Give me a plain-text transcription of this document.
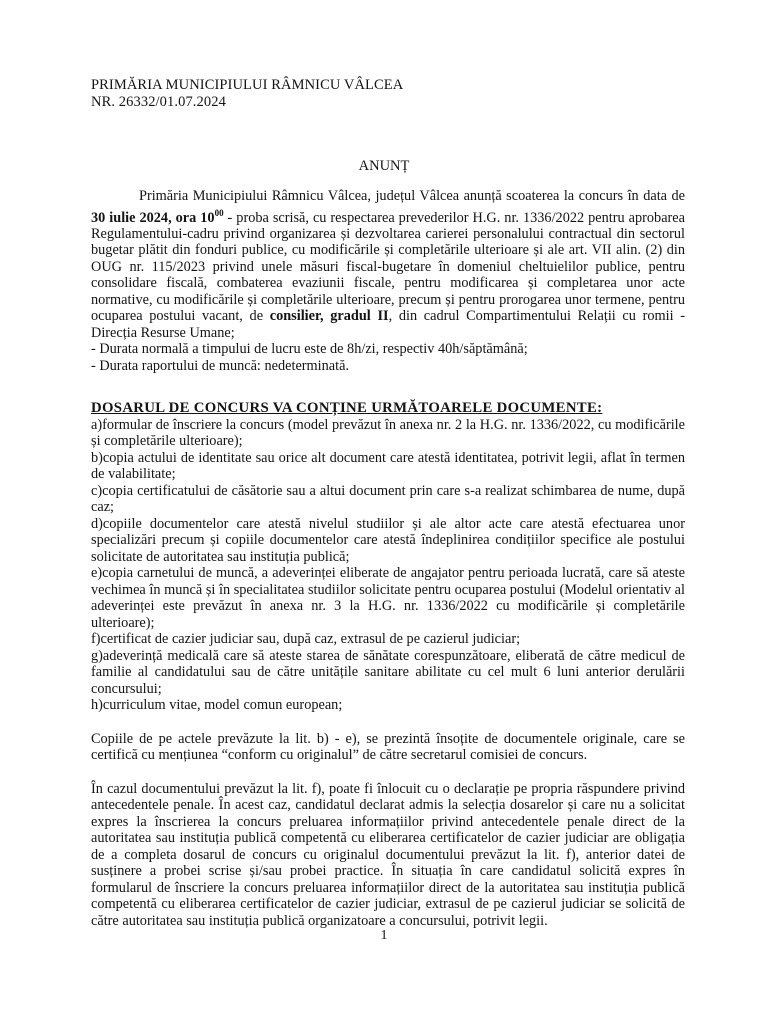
PRIMĂRIA MUNICIPIULUI RÂMNICU VÂLCEA
NR. 26332/01.07.2024
ANUNȚ

Primăria Municipiului Râmnicu Vâlcea, județul Vâlcea anunță scoaterea la concurs în data de 30 iulie 2024, ora $10^{00}$ - proba scrisă, cu respectarea prevederilor H.G. nr. 1336/2022 pentru aprobarea Regulamentului-cadru privind organizarea și dezvoltarea carierei personalului contractual din sectorul bugetar plătit din fonduri publice, cu modificările și completările ulterioare și ale art. VII alin. (2) din OUG nr. 115/2023 privind unele măsuri fiscal-bugetare în domeniul cheltuielilor publice, pentru consolidare fiscală, combaterea evaziunii fiscale, pentru modificarea și completarea unor acte normative, cu modificările și completările ulterioare, precum și pentru prorogarea unor termene, pentru ocuparea postului vacant, de consilier, gradul II, din cadrul Compartimentului Relații cu romii - Direcția Resurse Umane;

- Durata normală a timpului de lucru este de 8h/zi, respectiv 40h/săptămână;

- Durata raportului de muncă: nedeterminată.

DOSARUL DE CONCURS VA CONȚINE URMĂTOARELE DOCUMENTE:

a)formular de înscriere la concurs (model prevăzut în anexa nr. 2 la H.G. nr. 1336/2022, cu modificările și completările ulterioare);

b)copia actului de identitate sau orice alt document care atestă identitatea, potrivit legii, aflat în termen de valabilitate;

c)copia certificatului de căsătorie sau a altui document prin care s-a realizat schimbarea de nume, după caz;

d)copiile documentelor care atestă nivelul studiilor și ale altor acte care atestă efectuarea unor specializări precum și copiile documentelor care atestă îndeplinirea condițiilor specifice ale postului solicitate de autoritatea sau instituția publică;

e)copia carnetului de muncă, a adeverinței eliberate de angajator pentru perioada lucrată, care să ateste vechimea în muncă și în specialitatea studiilor solicitate pentru ocuparea postului (Modelul orientativ al adeverinței este prevăzut în anexa nr. 3 la H.G. nr. 1336/2022 cu modificările și completările ulterioare);

f)certificat de cazier judiciar sau, după caz, extrasul de pe cazierul judiciar;

g)adeverință medicală care să ateste starea de sănătate corespunzătoare, eliberată de către medicul de familie al candidatului sau de către unitățile sanitare abilitate cu cel mult 6 luni anterior derulării concursului;

h)curriculum vitae, model comun european;

Copiile de pe actele prevăzute la lit. b) - e), se prezintă însoțite de documentele originale, care se certifică cu mențiunea “conform cu originalul” de către secretarul comisiei de concurs.

În cazul documentului prevăzut la lit. f), poate fi înlocuit cu o declarație pe propria răspundere privind antecedentele penale. În acest caz, candidatul declarat admis la selecția dosarelor și care nu a solicitat expres la înscrierea la concurs preluarea informațiilor privind antecedentele penale direct de la autoritatea sau instituția publică competentă cu eliberarea certificatelor de cazier judiciar are obligația de a completa dosarul de concurs cu originalul documentului prevăzut la lit. f), anterior datei de susținere a probei scrise și/sau probei practice. În situația în care candidatul solicită expres în formularul de înscriere la concurs preluarea informațiilor direct de la autoritatea sau instituția publică competentă cu eliberarea certificatelor de cazier judiciar, extrasul de pe cazierul judiciar se solicită de către autoritatea sau instituția publică organizatoare a concursului, potrivit legii.

1
